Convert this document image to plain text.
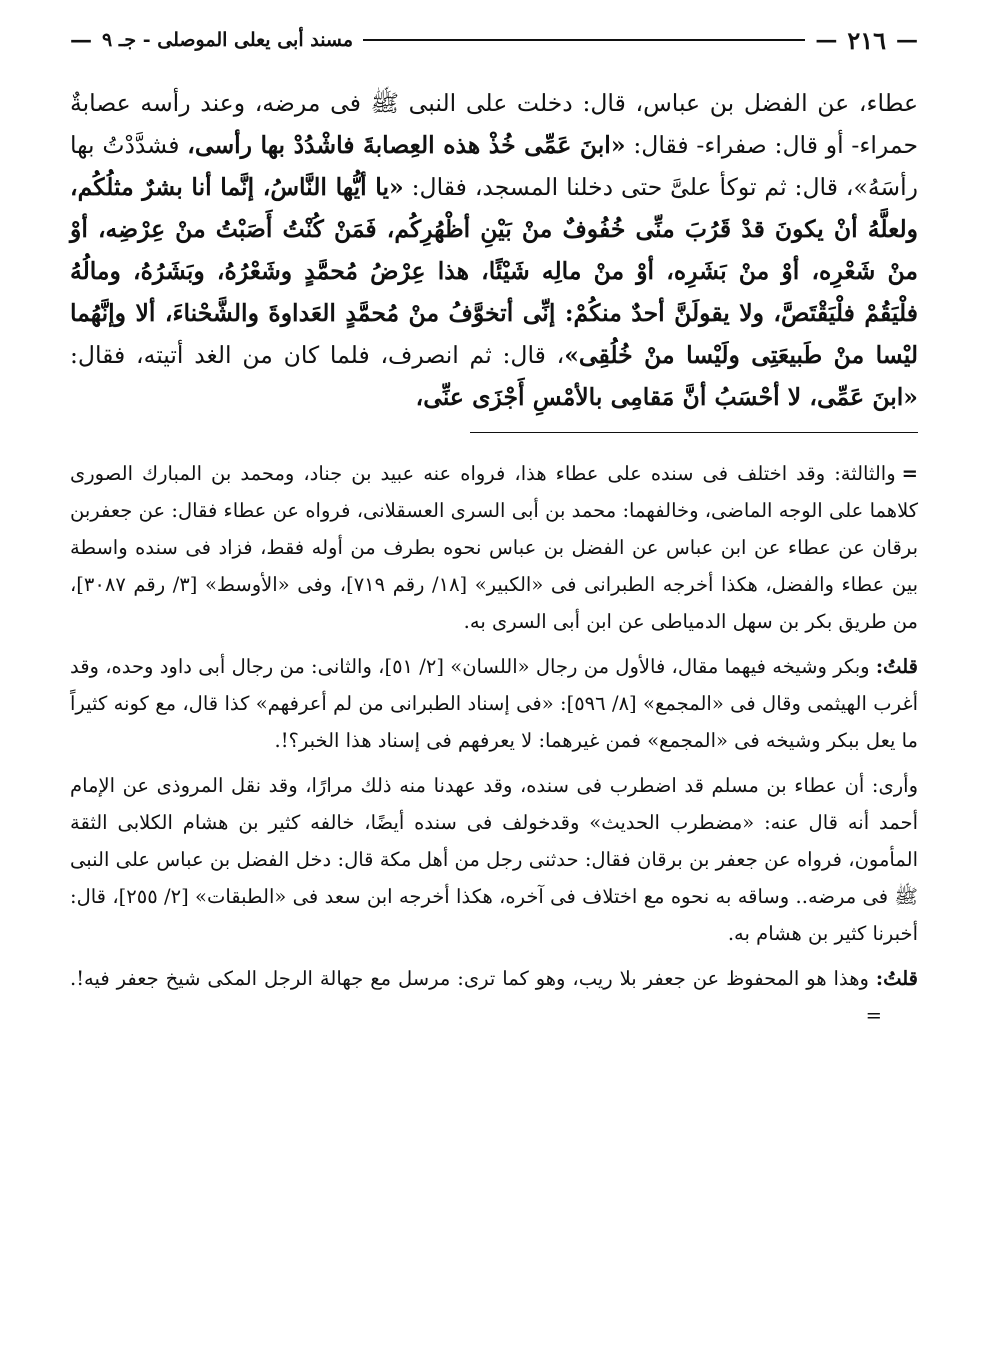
—
٢١٦
—
مسند أبى يعلى الموصلى - جـ ٩
—
عطاء، عن الفضل بن عباس، قال: دخلت على النبى ﷺ فى مرضه، وعند رأسه عصابةٌ حمراء- أو قال: صفراء- فقال: «ابنَ عَمِّى خُذْ هذه العِصابةَ فاشْدُدْ بها رأسى، فشدَّدْتُ بها رأسَهُ»، قال: ثم توكأ علىَّ حتى دخلنا المسجد، فقال: «يا أيُّها النَّاسُ، إنَّما أنا بشرٌ مثلُكُم، ولعلَّهُ أنْ يكونَ قدْ قَرُبَ منِّى خُفُوفٌ منْ بَيْنِ أظْهُرِكُم، فَمَنْ كُنْتُ أَصَبْتُ منْ عِرْضِه، أوْ منْ شَعْرِه، أوْ منْ بَشَرِه، أوْ منْ مالِه شَيْئًا، هذا عِرْضُ مُحمَّدٍ وشَعْرُهُ، وبَشَرُهُ، ومالُهُ فلْيَقُمْ فلْيَقْتَصَّ، ولا يقولَنَّ أحدٌ منكُمْ: إنِّى أتخوَّفُ منْ مُحمَّدٍ العَداوةَ والشَّحْناءَ، ألا وإنَّهُما ليْسا منْ طَبيعَتِى ولَيْسا منْ خُلُقِى»، قال: ثم انصرف، فلما كان من الغد أتيته، فقال: «ابنَ عَمِّى، لا أحْسَبُ أنَّ مَقامِى بالأمْسِ أَجْزَى عنِّى،

=والثالثة: وقد اختلف فى سنده على عطاء هذا، فرواه عنه عبيد بن جناد، ومحمد بن المبارك الصورى كلاهما على الوجه الماضى، وخالفهما: محمد بن أبى السرى العسقلانى، فرواه عن عطاء فقال: عن جعفربن برقان عن عطاء عن ابن عباس عن الفضل بن عباس نحوه بطرف من أوله فقط، فزاد فى سنده واسطة بين عطاء والفضل، هكذا أخرجه الطبرانى فى «الكبير» [١٨/ رقم ٧١٩]، وفى «الأوسط» [٣/ رقم ٣٠٨٧]، من طريق بكر بن سهل الدمياطى عن ابن أبى السرى به.

قلتُ: وبكر وشيخه فيهما مقال، فالأول من رجال «اللسان» [٢/ ٥١]، والثانى: من رجال أبى داود وحده، وقد أغرب الهيثمى وقال فى «المجمع» [٨/ ٥٩٦]: «فى إسناد الطبرانى من لم أعرفهم» كذا قال، مع كونه كثيراً ما يعل ببكر وشيخه فى «المجمع» فمن غيرهما: لا يعرفهم فى إسناد هذا الخبر؟!.

وأرى: أن عطاء بن مسلم قد اضطرب فى سنده، وقد عهدنا منه ذلك مرارًا، وقد نقل المروذى عن الإمام أحمد أنه قال عنه: «مضطرب الحديث» وقدخولف فى سنده أيضًا، خالفه كثير بن هشام الكلابى الثقة المأمون، فرواه عن جعفر بن برقان فقال: حدثنى رجل من أهل مكة قال: دخل الفضل بن عباس على النبى ﷺ فى مرضه.. وساقه به نحوه مع اختلاف فى آخره، هكذا أخرجه ابن سعد فى «الطبقات» [٢/ ٢٥٥]، قال: أخبرنا كثير بن هشام به.

قلتُ: وهذا هو المحفوظ عن جعفر بلا ريب، وهو كما ترى: مرسل مع جهالة الرجل المكى شيخ جعفر فيه!.=
